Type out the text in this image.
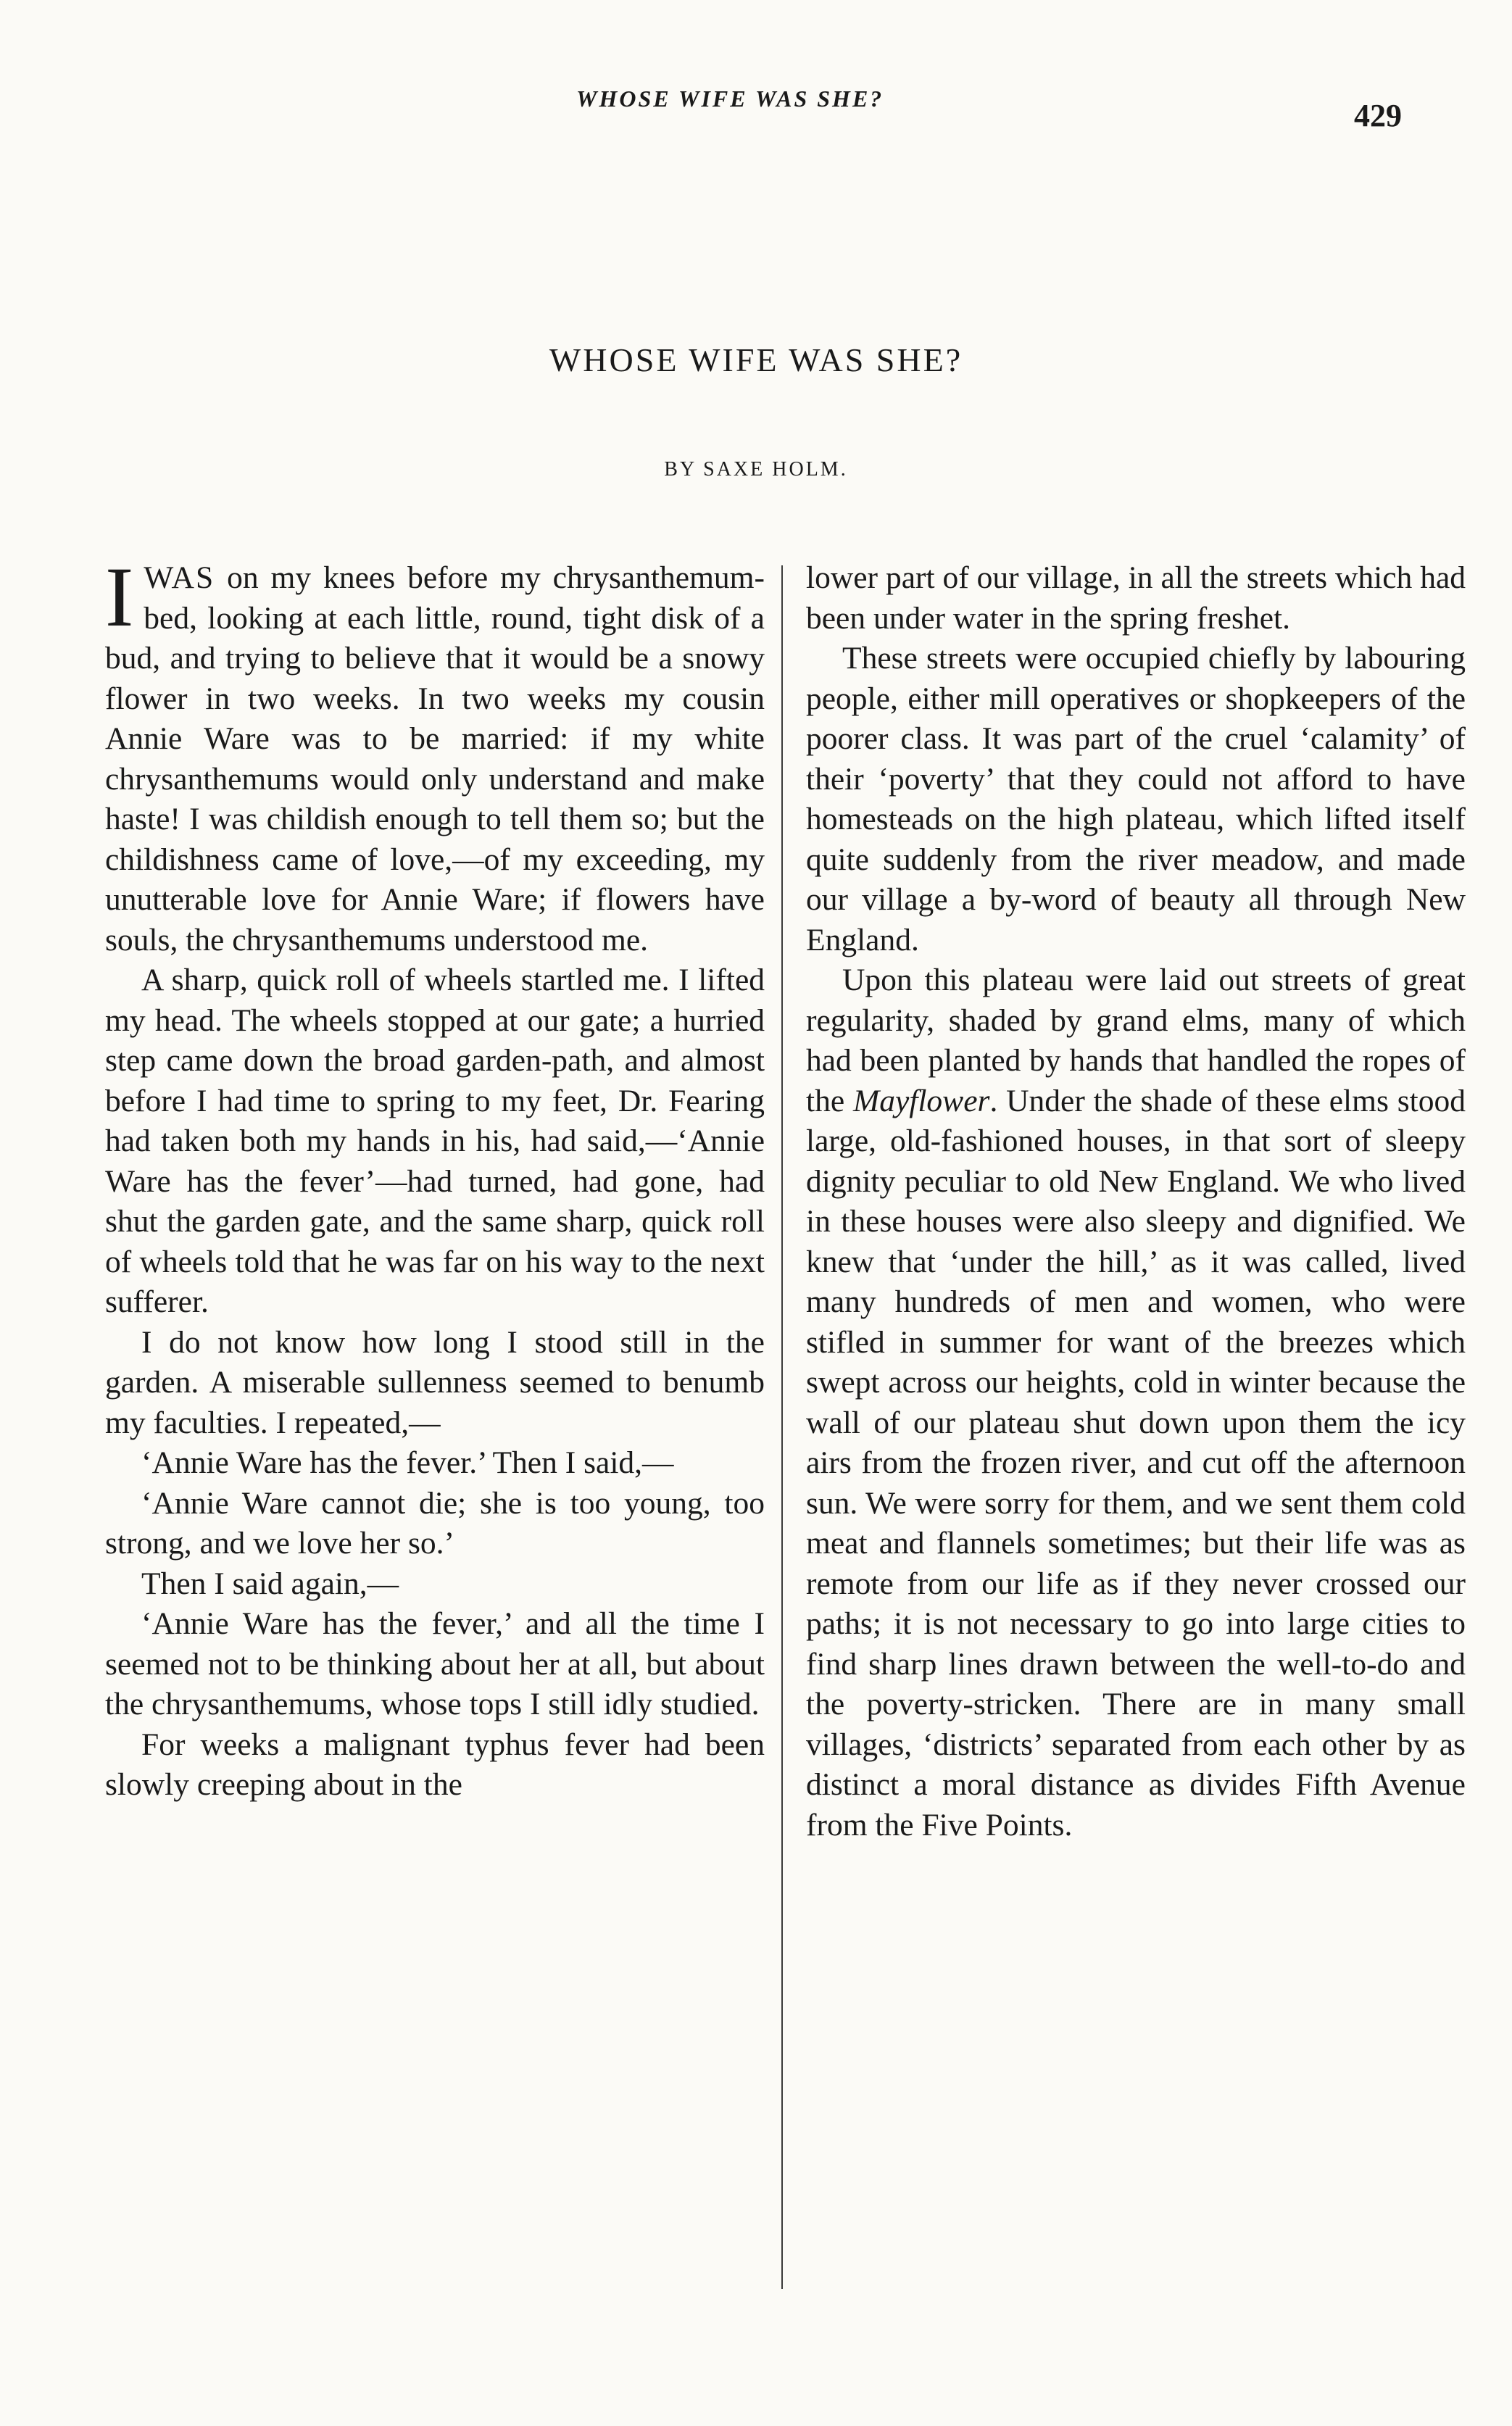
WHOSE WIFE WAS SHE?	429
WHOSE WIFE WAS SHE?
BY SAXE HOLM.

IWAS on my knees before my chrysanthemum-bed, looking at each little, round, tight disk of a bud, and trying to believe that it would be a snowy flower in two weeks. In two weeks my cousin Annie Ware was to be married: if my white chrysanthemums would only understand and make haste! I was childish enough to tell them so; but the childishness came of love,—of my exceeding, my unutterable love for Annie Ware; if flowers have souls, the chrysanthemums understood me.

A sharp, quick roll of wheels startled me. I lifted my head. The wheels stopped at our gate; a hurried step came down the broad garden-path, and almost before I had time to spring to my feet, Dr. Fearing had taken both my hands in his, had said,—‘Annie Ware has the fever’—had turned, had gone, had shut the garden gate, and the same sharp, quick roll of wheels told that he was far on his way to the next sufferer.

I do not know how long I stood still in the garden. A miserable sullenness seemed to benumb my faculties. I repeated,—

‘Annie Ware has the fever.’ Then I said,—

‘Annie Ware cannot die; she is too young, too strong, and we love her so.’

Then I said again,—

‘Annie Ware has the fever,’ and all the time I seemed not to be thinking about her at all, but about the chrysanthemums, whose tops I still idly studied.

For weeks a malignant typhus fever had been slowly creeping about in the

lower part of our village, in all the streets which had been under water in the spring freshet.

These streets were occupied chiefly by labouring people, either mill operatives or shopkeepers of the poorer class. It was part of the cruel ‘calamity’ of their ‘poverty’ that they could not afford to have homesteads on the high plateau, which lifted itself quite suddenly from the river meadow, and made our village a by-word of beauty all through New England.

Upon this plateau were laid out streets of great regularity, shaded by grand elms, many of which had been planted by hands that handled the ropes of the Mayflower. Under the shade of these elms stood large, old-fashioned houses, in that sort of sleepy dignity peculiar to old New England. We who lived in these houses were also sleepy and dignified. We knew that ‘under the hill,’ as it was called, lived many hundreds of men and women, who were stifled in summer for want of the breezes which swept across our heights, cold in winter because the wall of our plateau shut down upon them the icy airs from the frozen river, and cut off the afternoon sun. We were sorry for them, and we sent them cold meat and flannels sometimes; but their life was as remote from our life as if they never crossed our paths; it is not necessary to go into large cities to find sharp lines drawn between the well-to-do and the poverty-stricken. There are in many small villages, ‘districts’ separated from each other by as distinct a moral distance as divides Fifth Avenue from the Five Points.
